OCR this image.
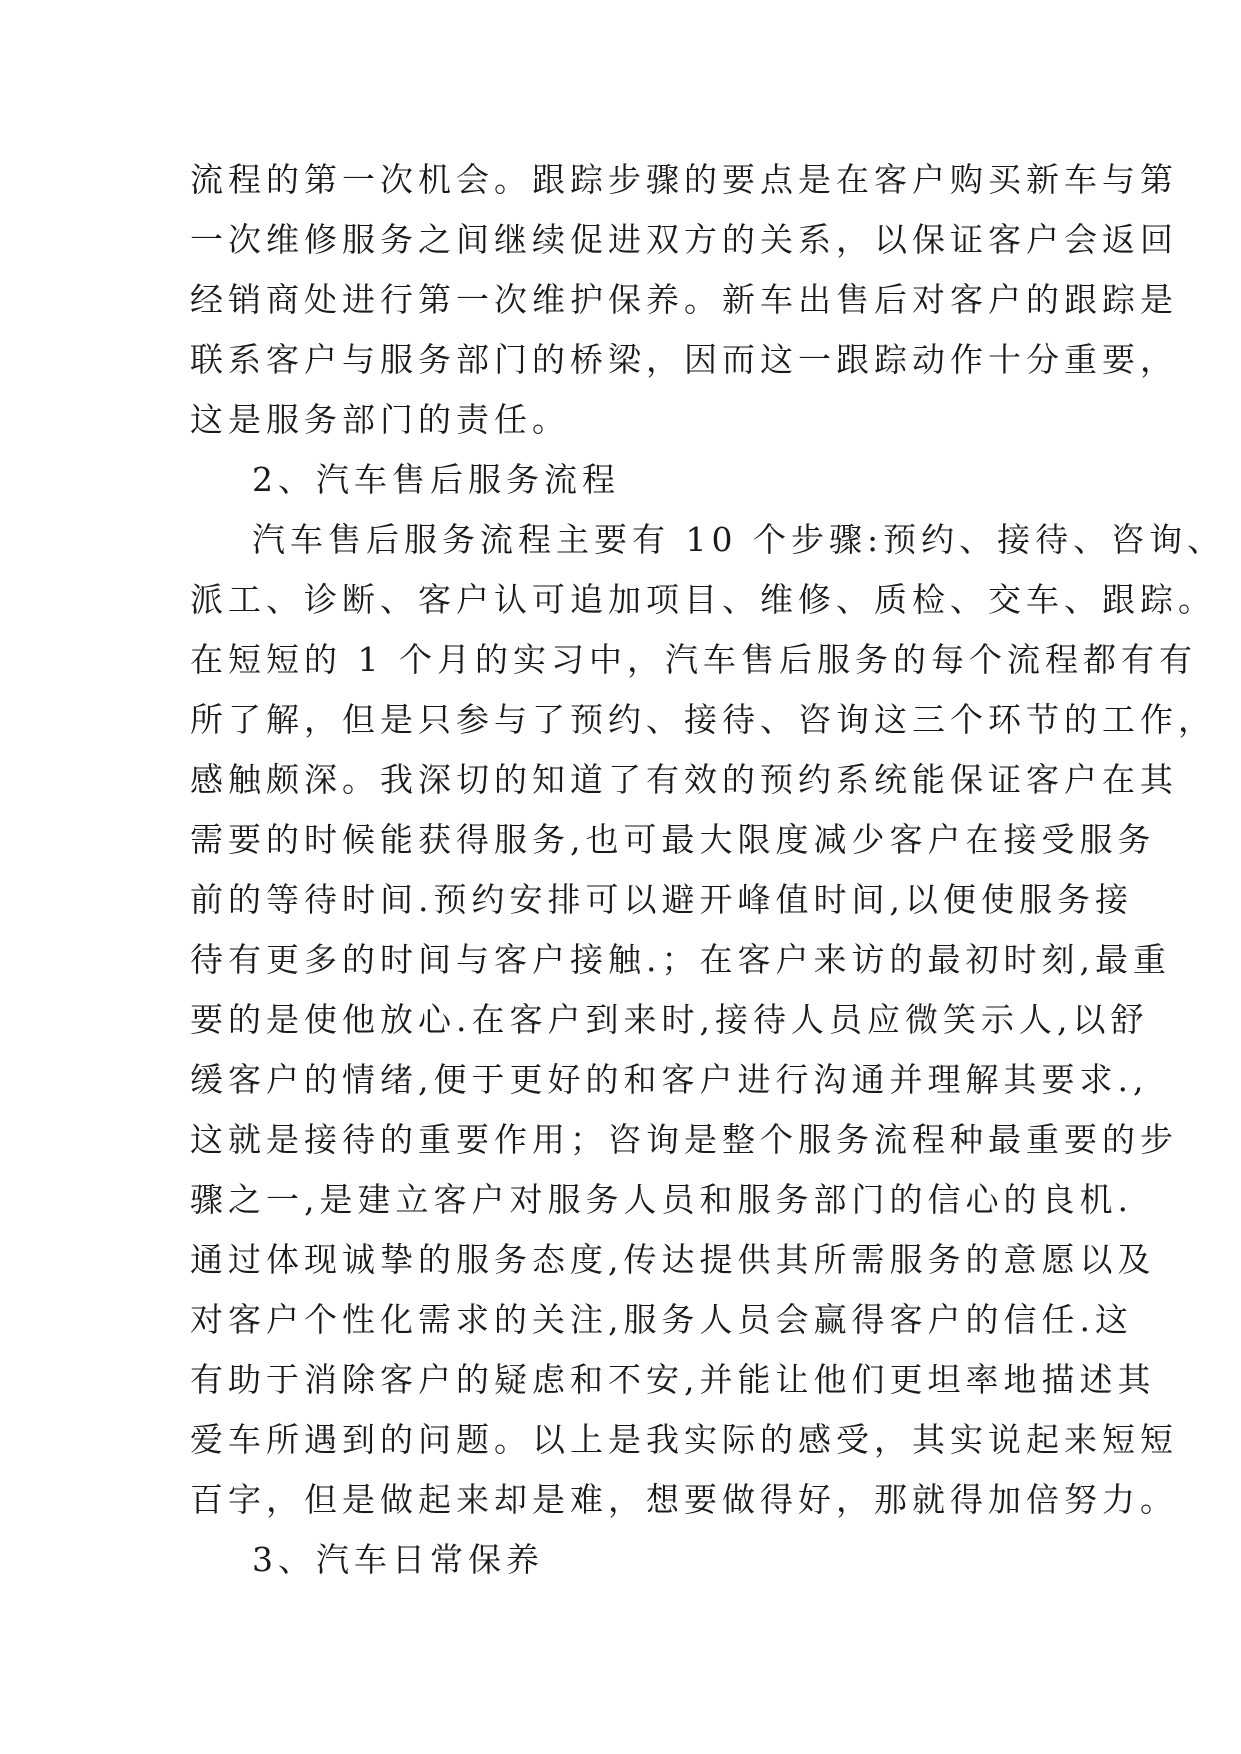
流程的第一次机会。跟踪步骤的要点是在客户购买新车与第
一次维修服务之间继续促进双方的关系，以保证客户会返回
经销商处进行第一次维护保养。新车出售后对客户的跟踪是
联系客户与服务部门的桥梁，因而这一跟踪动作十分重要，
这是服务部门的责任。
2、汽车售后服务流程
汽车售后服务流程主要有 10 个步骤:预约、接待、咨询、
派工、诊断、客户认可追加项目、维修、质检、交车、跟踪。
在短短的 1 个月的实习中，汽车售后服务的每个流程都有有
所了解，但是只参与了预约、接待、咨询这三个环节的工作，
感触颇深。我深切的知道了有效的预约系统能保证客户在其
需要的时候能获得服务,也可最大限度减少客户在接受服务
前的等待时间.预约安排可以避开峰值时间,以便使服务接
待有更多的时间与客户接触.；在客户来访的最初时刻,最重
要的是使他放心.在客户到来时,接待人员应微笑示人,以舒
缓客户的情绪,便于更好的和客户进行沟通并理解其要求.,
这就是接待的重要作用；咨询是整个服务流程种最重要的步
骤之一,是建立客户对服务人员和服务部门的信心的良机.
通过体现诚挚的服务态度,传达提供其所需服务的意愿以及
对客户个性化需求的关注,服务人员会赢得客户的信任.这
有助于消除客户的疑虑和不安,并能让他们更坦率地描述其
爱车所遇到的问题。以上是我实际的感受，其实说起来短短
百字，但是做起来却是难，想要做得好，那就得加倍努力。
3、汽车日常保养
